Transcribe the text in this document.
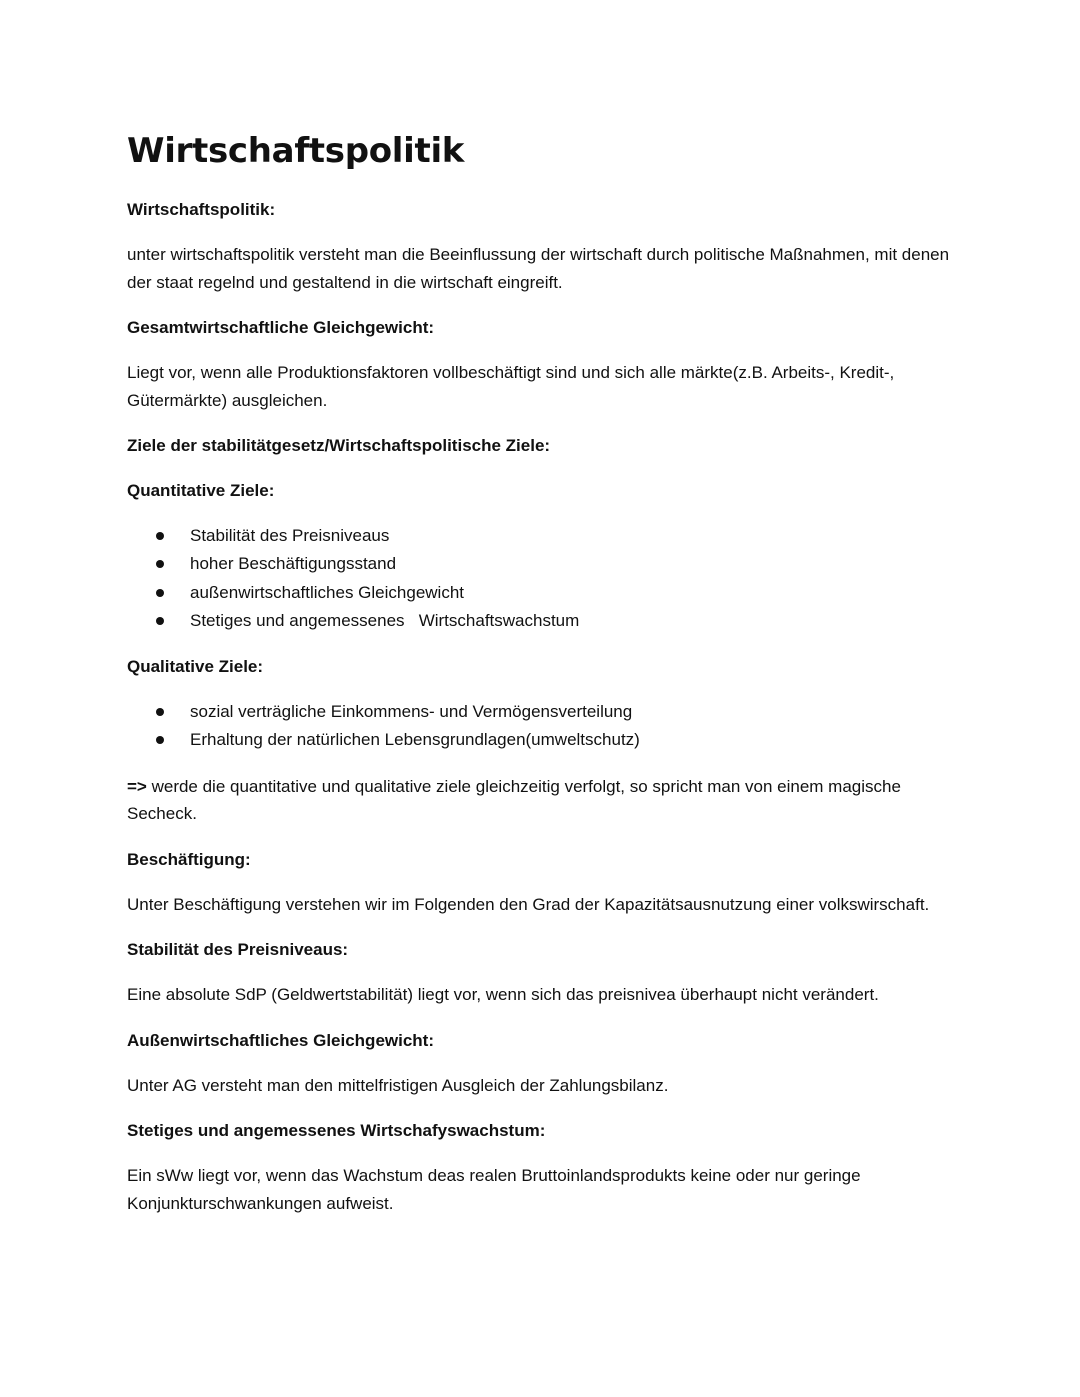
Wirtschaftspolitik
Wirtschaftspolitik:
unter wirtschaftspolitik versteht man die Beeinflussung der wirtschaft durch politische Maßnahmen, mit denen der staat regelnd und gestaltend in die wirtschaft eingreift.
Gesamtwirtschaftliche Gleichgewicht:
Liegt vor, wenn alle Produktionsfaktoren vollbeschäftigt sind und sich alle märkte(z.B. Arbeits-, Kredit-, Gütermärkte) ausgleichen.
Ziele der stabilitätgesetz/Wirtschaftspolitische Ziele:
Quantitative Ziele:
Stabilität des Preisniveaus
hoher Beschäftigungsstand
außenwirtschaftliches Gleichgewicht
Stetiges und angemessenes   Wirtschaftswachstum
Qualitative Ziele:
sozial verträgliche Einkommens- und Vermögensverteilung
Erhaltung der natürlichen Lebensgrundlagen(umweltschutz)
=> werde die quantitative und qualitative ziele gleichzeitig verfolgt, so spricht man von einem magische Secheck.
Beschäftigung:
Unter Beschäftigung verstehen wir im Folgenden den Grad der Kapazitätsausnutzung einer volkswirschaft.
Stabilität des Preisniveaus:
Eine absolute SdP (Geldwertstabilität) liegt vor, wenn sich das preisnivea überhaupt nicht verändert.
Außenwirtschaftliches Gleichgewicht:
Unter AG versteht man den mittelfristigen Ausgleich der Zahlungsbilanz.
Stetiges und angemessenes Wirtschafyswachstum:
Ein sWw liegt vor, wenn das Wachstum deas realen Bruttoinlandsprodukts keine oder nur geringe Konjunkturschwankungen aufweist.
